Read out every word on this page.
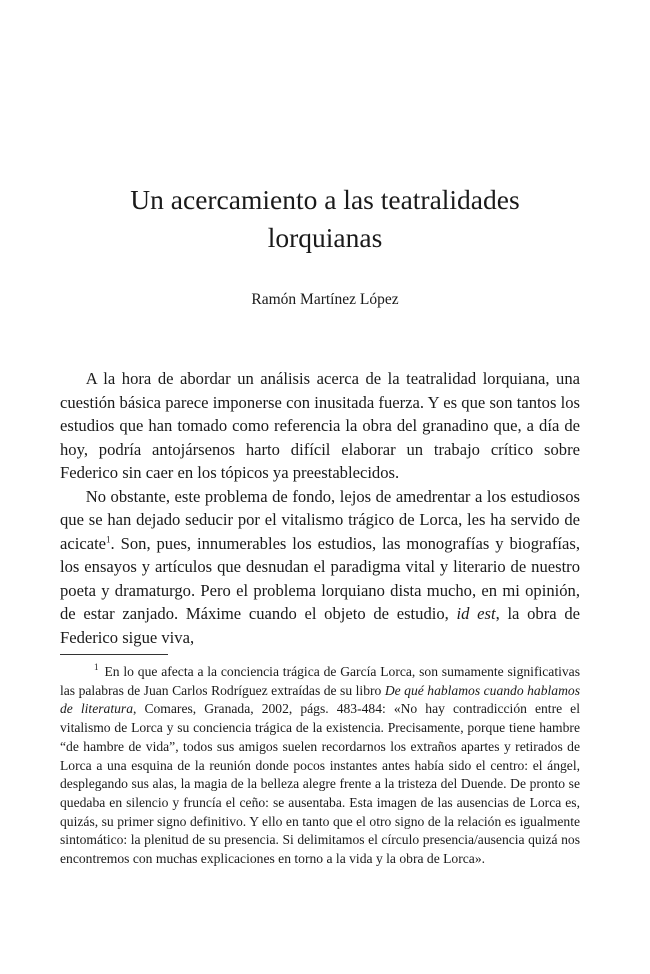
Un acercamiento a las teatralidades
lorquianas
Ramón Martínez López

A la hora de abordar un análisis acerca de la teatralidad lorquiana, una cuestión básica parece imponerse con inusitada fuerza. Y es que son tantos los estudios que han tomado como referencia la obra del granadino que, a día de hoy, podría antojársenos harto difícil elaborar un trabajo crítico sobre Federico sin caer en los tópicos ya preestablecidos.

No obstante, este problema de fondo, lejos de amedrentar a los estudiosos que se han dejado seducir por el vitalismo trágico de Lorca, les ha servido de acicate$^1$. Son, pues, innumerables los estudios, las monografías y biografías, los ensayos y artículos que desnudan el paradigma vital y literario de nuestro poeta y dramaturgo. Pero el problema lorquiano dista mucho, en mi opinión, de estar zanjado. Máxime cuando el objeto de estudio, id est, la obra de Federico sigue viva,

$^1$ En lo que afecta a la conciencia trágica de García Lorca, son sumamente significativas las palabras de Juan Carlos Rodríguez extraídas de su libro De qué hablamos cuando hablamos de literatura, Comares, Granada, 2002, págs. 483-484: «No hay contradicción entre el vitalismo de Lorca y su conciencia trágica de la existencia. Precisamente, porque tiene hambre “de hambre de vida”, todos sus amigos suelen recordarnos los extraños apartes y retirados de Lorca a una esquina de la reunión donde pocos instantes antes había sido el centro: el ángel, desplegando sus alas, la magia de la belleza alegre frente a la tristeza del Duende. De pronto se quedaba en silencio y fruncía el ceño: se ausentaba. Esta imagen de las ausencias de Lorca es, quizás, su primer signo definitivo. Y ello en tanto que el otro signo de la relación es igualmente sintomático: la plenitud de su presencia. Si delimitamos el círculo presencia/ausencia quizá nos encontremos con muchas explicaciones en torno a la vida y la obra de Lorca».
